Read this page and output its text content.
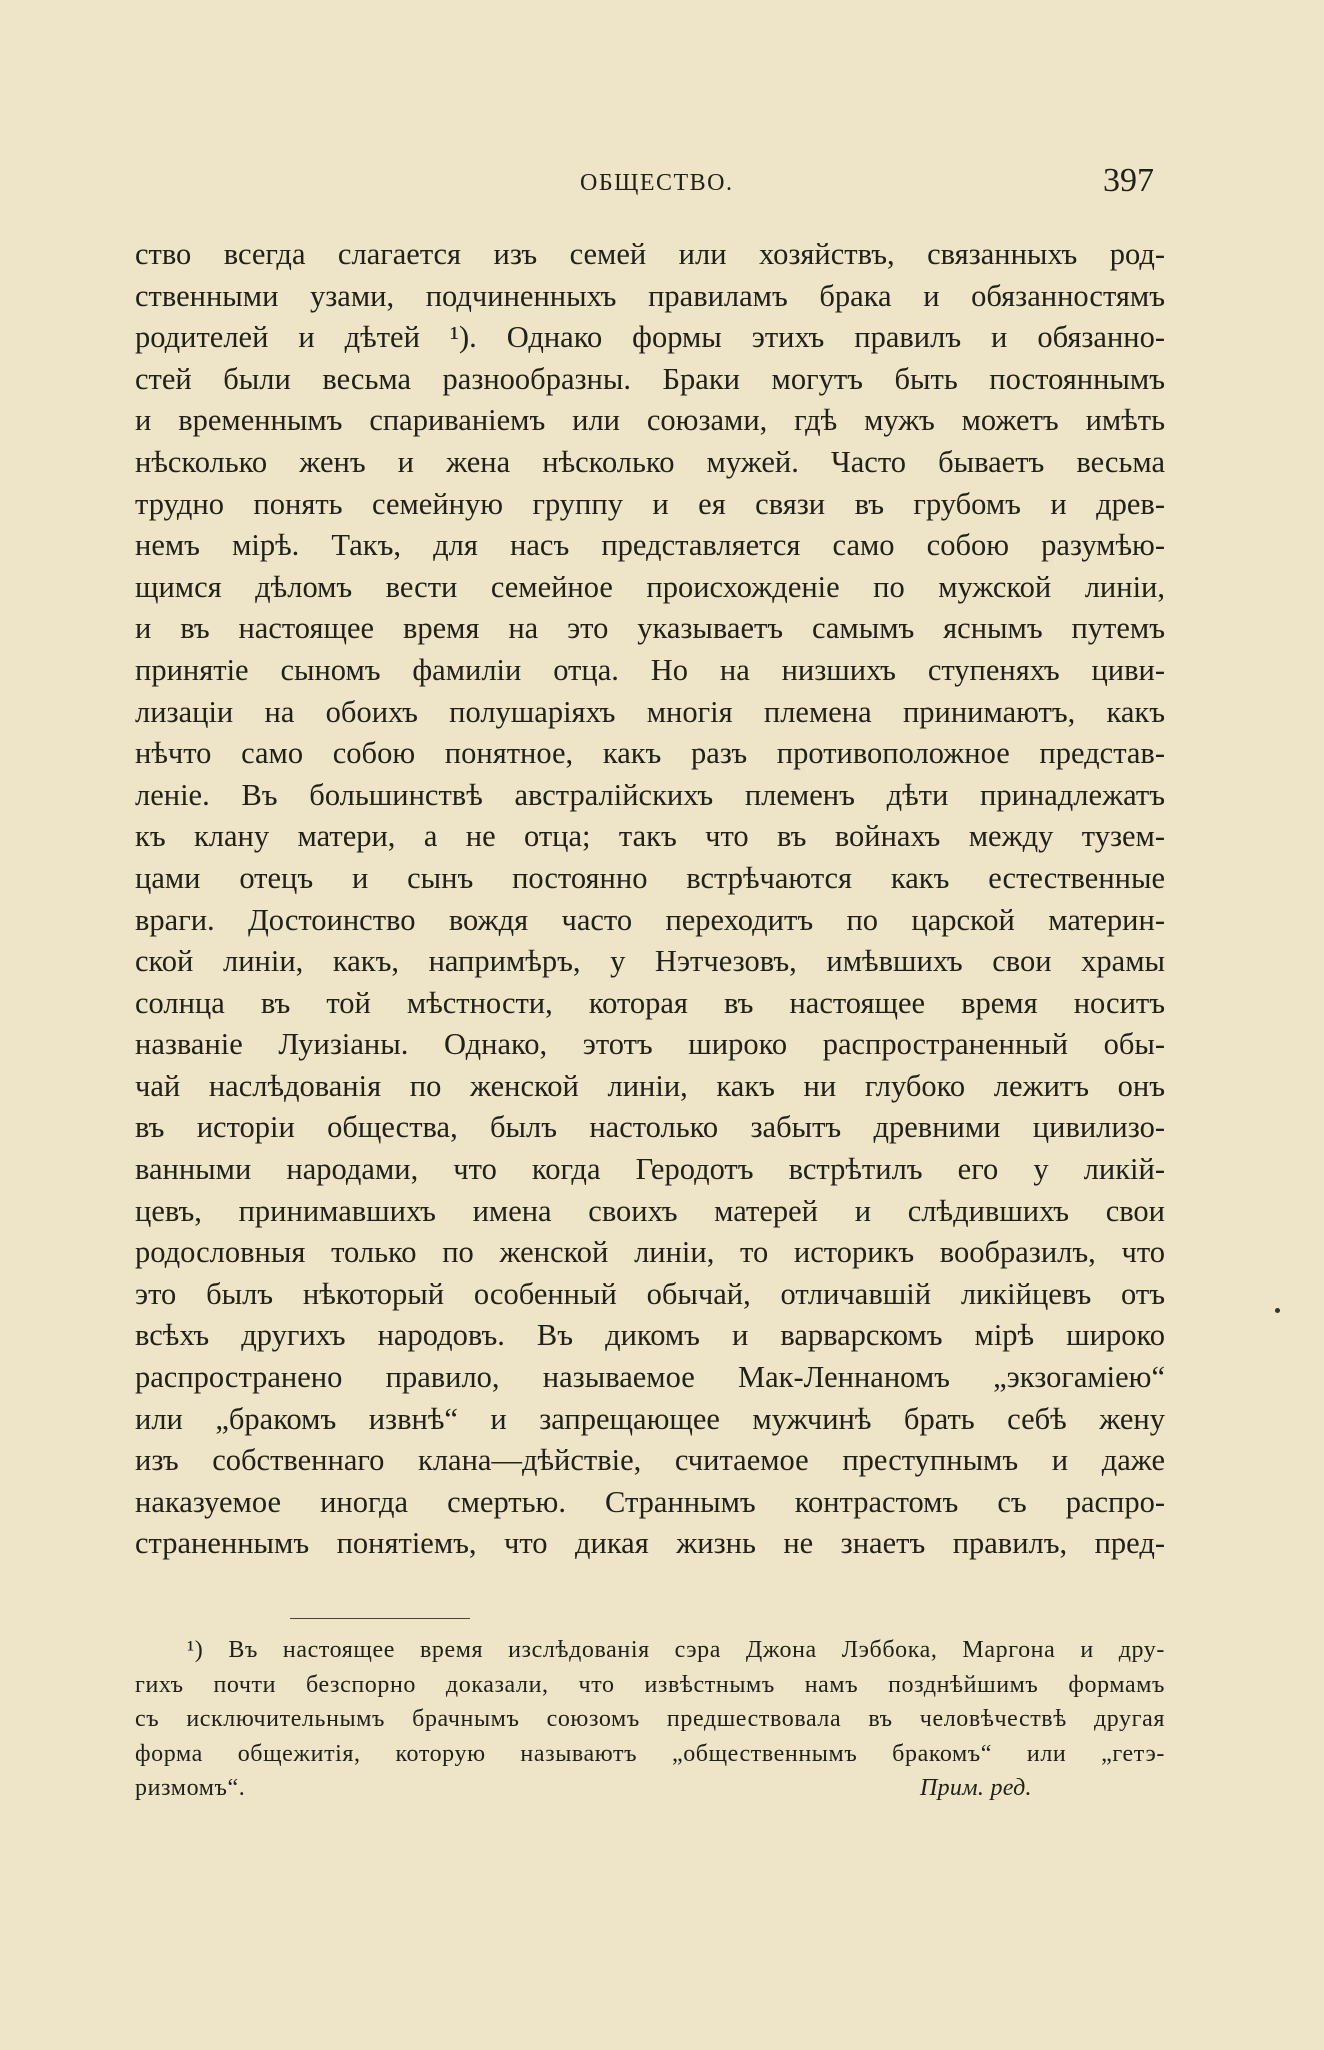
ОБЩЕСТВО.	397
ство всегда слагается изъ семей или хозяйствъ, связанныхъ род-
ственными узами, подчиненныхъ правиламъ брака и обязанностямъ
родителей и дѣтей ¹). Однако формы этихъ правилъ и обязанно-
стей были весьма разнообразны. Браки могутъ быть постояннымъ
и временнымъ спариваніемъ или союзами, гдѣ мужъ можетъ имѣть
нѣсколько женъ и жена нѣсколько мужей. Часто бываетъ весьма
трудно понять семейную группу и ея связи въ грубомъ и древ-
немъ мірѣ. Такъ, для насъ представляется само собою разумѣю-
щимся дѣломъ вести семейное происхожденіе по мужской линіи,
и въ настоящее время на это указываетъ самымъ яснымъ путемъ
принятіе сыномъ фамиліи отца. Но на низшихъ ступеняхъ циви-
лизаціи на обоихъ полушаріяхъ многія племена принимаютъ, какъ
нѣчто само собою понятное, какъ разъ противоположное представ-
леніе. Въ большинствѣ австралійскихъ племенъ дѣти принадлежатъ
къ клану матери, а не отца; такъ что въ войнахъ между тузем-
цами отецъ и сынъ постоянно встрѣчаются какъ естественные
враги. Достоинство вождя часто переходитъ по царской материн-
ской линіи, какъ, напримѣръ, у Нэтчезовъ, имѣвшихъ свои храмы
солнца въ той мѣстности, которая въ настоящее время носитъ
названіе Луизіаны. Однако, этотъ широко распространенный обы-
чай наслѣдованія по женской линіи, какъ ни глубоко лежитъ онъ
въ исторіи общества, былъ настолько забытъ древними цивилизо-
ванными народами, что когда Геродотъ встрѣтилъ его у ликій-
цевъ, принимавшихъ имена своихъ матерей и слѣдившихъ свои
родословныя только по женской линіи, то историкъ вообразилъ, что
это былъ нѣкоторый особенный обычай, отличавшій ликійцевъ отъ
всѣхъ другихъ народовъ. Въ дикомъ и варварскомъ мірѣ широко
распространено правило, называемое Мак-Леннаномъ „экзогаміею“
или „бракомъ извнѣ“ и запрещающее мужчинѣ брать себѣ жену
изъ собственнаго клана—дѣйствіе, считаемое преступнымъ и даже
наказуемое иногда смертью. Страннымъ контрастомъ съ распро-
страненнымъ понятіемъ, что дикая жизнь не знаетъ правилъ, пред-
¹) Въ настоящее время изслѣдованія сэра Джона Лэббока, Маргона и дру-
гихъ почти безспорно доказали, что извѣстнымъ намъ позднѣйшимъ формамъ
съ исключительнымъ брачнымъ союзомъ предшествовала въ человѣчествѣ другая
форма общежитія, которую называютъ „общественнымъ бракомъ“ или „гетэ-
ризмомъ“.	Прим. ред.
